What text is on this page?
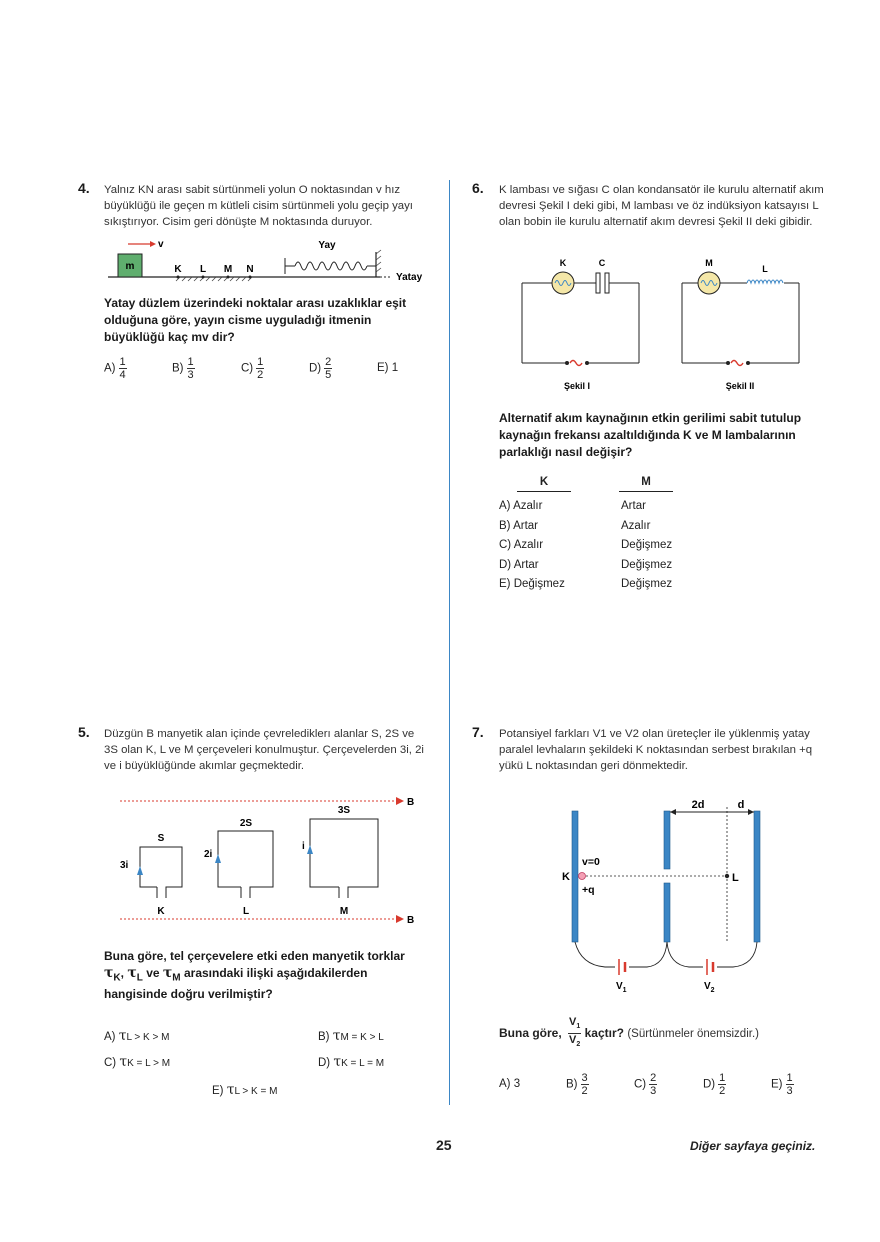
4. Yalnız KN arası sabit sürtünmeli yolun O noktasından v hız büyüklüğü ile geçen m kütleli cisim sürtünmeli yolu geçip yayı sıkıştırıyor. Cisim geri dönüşte M noktasında duruyor.
m
v
K L M N
Yay
Yatay
Yatay düzlem üzerindeki noktalar arası uzaklıklar eşit olduğuna göre, yayın cisme uyguladığı itmenin büyüklüğü kaç mv dir?
$A) \frac{1}{4}$	$B) \frac{1}{3}$	$C) \frac{1}{2}$	$D) \frac{2}{5}$	E) 1
6. K lambası ve sığası C olan kondansatör ile kurulu alternatif akım devresi Şekil I deki gibi, M lambası ve öz indüksiyon katsayısı L olan bobin ile kurulu alternatif akım devresi Şekil II deki gibidir.
K	C
Şekil I
M
L
Şekil II
Alternatif akım kaynağının etkin gerilimi sabit tutulup kaynağın frekansı azaltıldığında K ve M lambalarının parlaklığı nasıl değişir?
K	M
A) Azalır	Artar
B) Artar	Azalır
C) Azalır	Değişmez
D) Artar	Değişmez
E) Değişmez	Değişmez
5. Düzgün B manyetik alan içinde çevrelediklerı alanlar S, 2S ve 3S olan K, L ve M çerçeveleri konulmuştur. Çerçevelerden 3i, 2i ve i büyüklüğünde akımlar geçmektedir.
B
B
S
3i
K
2S
2i
L
3S
i
M
Buna göre, tel çerçevelere etki eden manyetik torklar
$\tau_K$, $\tau_L$ ve $\tau_M$ arasındaki ilişki aşağıdakilerden hangisinde doğru verilmiştir?
A) τL > K > M	B) τM = K > L
C) τK = L > M	D) τK = L = M
E) τL > K = M
7. Potansiyel farkları V1 ve V2 olan üreteçler ile yüklenmiş yatay paralel levhaların şekildeki K noktasından serbest bırakılan +q yükü L noktasından geri dönmektedir.
2d	d
v=0
K
+q
L
$V_1$	$V_2$
Buna göre, $\frac{V_1}{V_2}$ kaçtır? (Sürtünmeler önemsizdir.)
A) 3	$B) \frac{3}{2}$	$C) \frac{2}{3}$	$D) \frac{1}{2}$	$E) \frac{1}{3}$
25	Diğer sayfaya geçiniz.
